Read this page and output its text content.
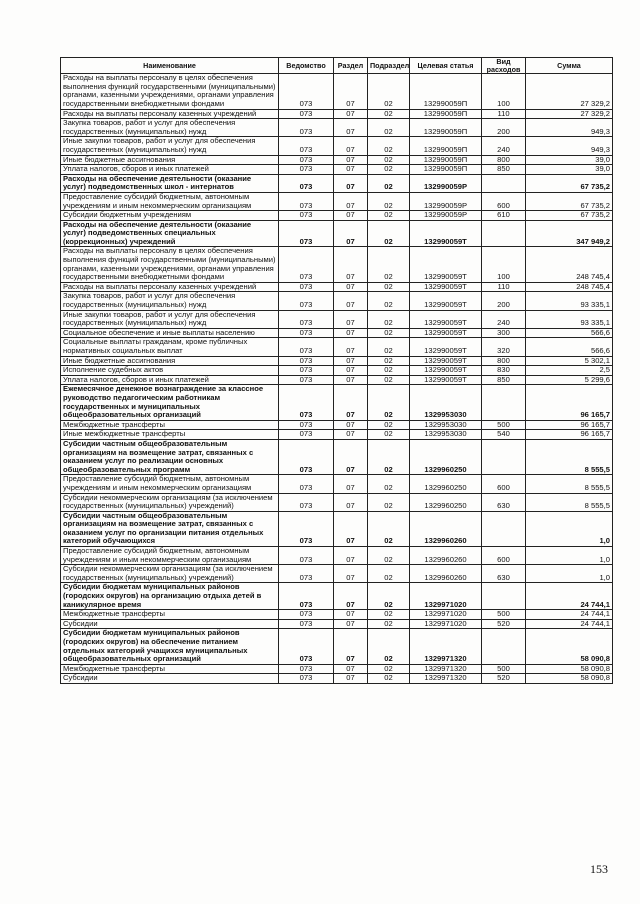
Наименование	Ведомство	Раздел	Подраздел	Целевая статья	Вид расходов	Сумма
Расходы на выплаты персоналу в целях обеспечения выполнения функций государственными (муниципальными) органами, казенными учреждениями, органами управления государственными внебюджетными фондами	073	07	02	132990059П	100	27 329,2
Расходы на выплаты персоналу казенных учреждений	073	07	02	132990059П	110	27 329,2
Закупка товаров, работ и услуг для обеспечения государственных (муниципальных) нужд	073	07	02	132990059П	200	949,3
Иные закупки товаров, работ и услуг для обеспечения государственных (муниципальных) нужд	073	07	02	132990059П	240	949,3
Иные бюджетные ассигнования	073	07	02	132990059П	800	39,0
Уплата налогов, сборов и иных платежей	073	07	02	132990059П	850	39,0
Расходы на обеспечение деятельности (оказание услуг) подведомственных школ - интернатов	073	07	02	132990059Р		67 735,2
Предоставление субсидий бюджетным, автономным учреждениям и иным некоммерческим организациям	073	07	02	132990059Р	600	67 735,2
Субсидии бюджетным учреждениям	073	07	02	132990059Р	610	67 735,2
Расходы на обеспечение деятельности (оказание услуг) подведомственных специальных (коррекционных) учреждений	073	07	02	132990059Т		347 949,2
Расходы на выплаты персоналу в целях обеспечения выполнения функций государственными (муниципальными) органами, казенными учреждениями, органами управления государственными внебюджетными фондами	073	07	02	132990059Т	100	248 745,4
Расходы на выплаты персоналу казенных учреждений	073	07	02	132990059Т	110	248 745,4
Закупка товаров, работ и услуг для обеспечения государственных (муниципальных) нужд	073	07	02	132990059Т	200	93 335,1
Иные закупки товаров, работ и услуг для обеспечения государственных (муниципальных) нужд	073	07	02	132990059Т	240	93 335,1
Социальное обеспечение и иные выплаты населению	073	07	02	132990059Т	300	566,6
Социальные выплаты гражданам, кроме публичных нормативных социальных выплат	073	07	02	132990059Т	320	566,6
Иные бюджетные ассигнования	073	07	02	132990059Т	800	5 302,1
Исполнение судебных актов	073	07	02	132990059Т	830	2,5
Уплата налогов, сборов и иных платежей	073	07	02	132990059Т	850	5 299,6
Ежемесячное денежное вознаграждение за классное руководство педагогическим работникам государственных и муниципальных общеобразовательных организаций	073	07	02	1329953030		96 165,7
Межбюджетные трансферты	073	07	02	1329953030	500	96 165,7
Иные межбюджетные трансферты	073	07	02	1329953030	540	96 165,7
Субсидии частным общеобразовательным организациям на возмещение затрат, связанных с оказанием услуг по реализации основных общеобразовательных программ	073	07	02	1329960250		8 555,5
Предоставление субсидий бюджетным, автономным учреждениям и иным некоммерческим организациям	073	07	02	1329960250	600	8 555,5
Субсидии некоммерческим организациям (за исключением государственных (муниципальных) учреждений)	073	07	02	1329960250	630	8 555,5
Субсидии частным общеобразовательным организациям на возмещение затрат, связанных с оказанием услуг по организации питания отдельных категорий обучающихся	073	07	02	1329960260		1,0
Предоставление субсидий бюджетным, автономным учреждениям и иным некоммерческим организациям	073	07	02	1329960260	600	1,0
Субсидии некоммерческим организациям (за исключением государственных (муниципальных) учреждений)	073	07	02	1329960260	630	1,0
Субсидии бюджетам муниципальных районов (городских округов) на организацию отдыха детей в каникулярное время	073	07	02	1329971020		24 744,1
Межбюджетные трансферты	073	07	02	1329971020	500	24 744,1
Субсидии	073	07	02	1329971020	520	24 744,1
Субсидии бюджетам муниципальных районов (городских округов) на обеспечение питанием отдельных категорий учащихся муниципальных общеобразовательных организаций	073	07	02	1329971320		58 090,8
Межбюджетные трансферты	073	07	02	1329971320	500	58 090,8
Субсидии	073	07	02	1329971320	520	58 090,8
153
